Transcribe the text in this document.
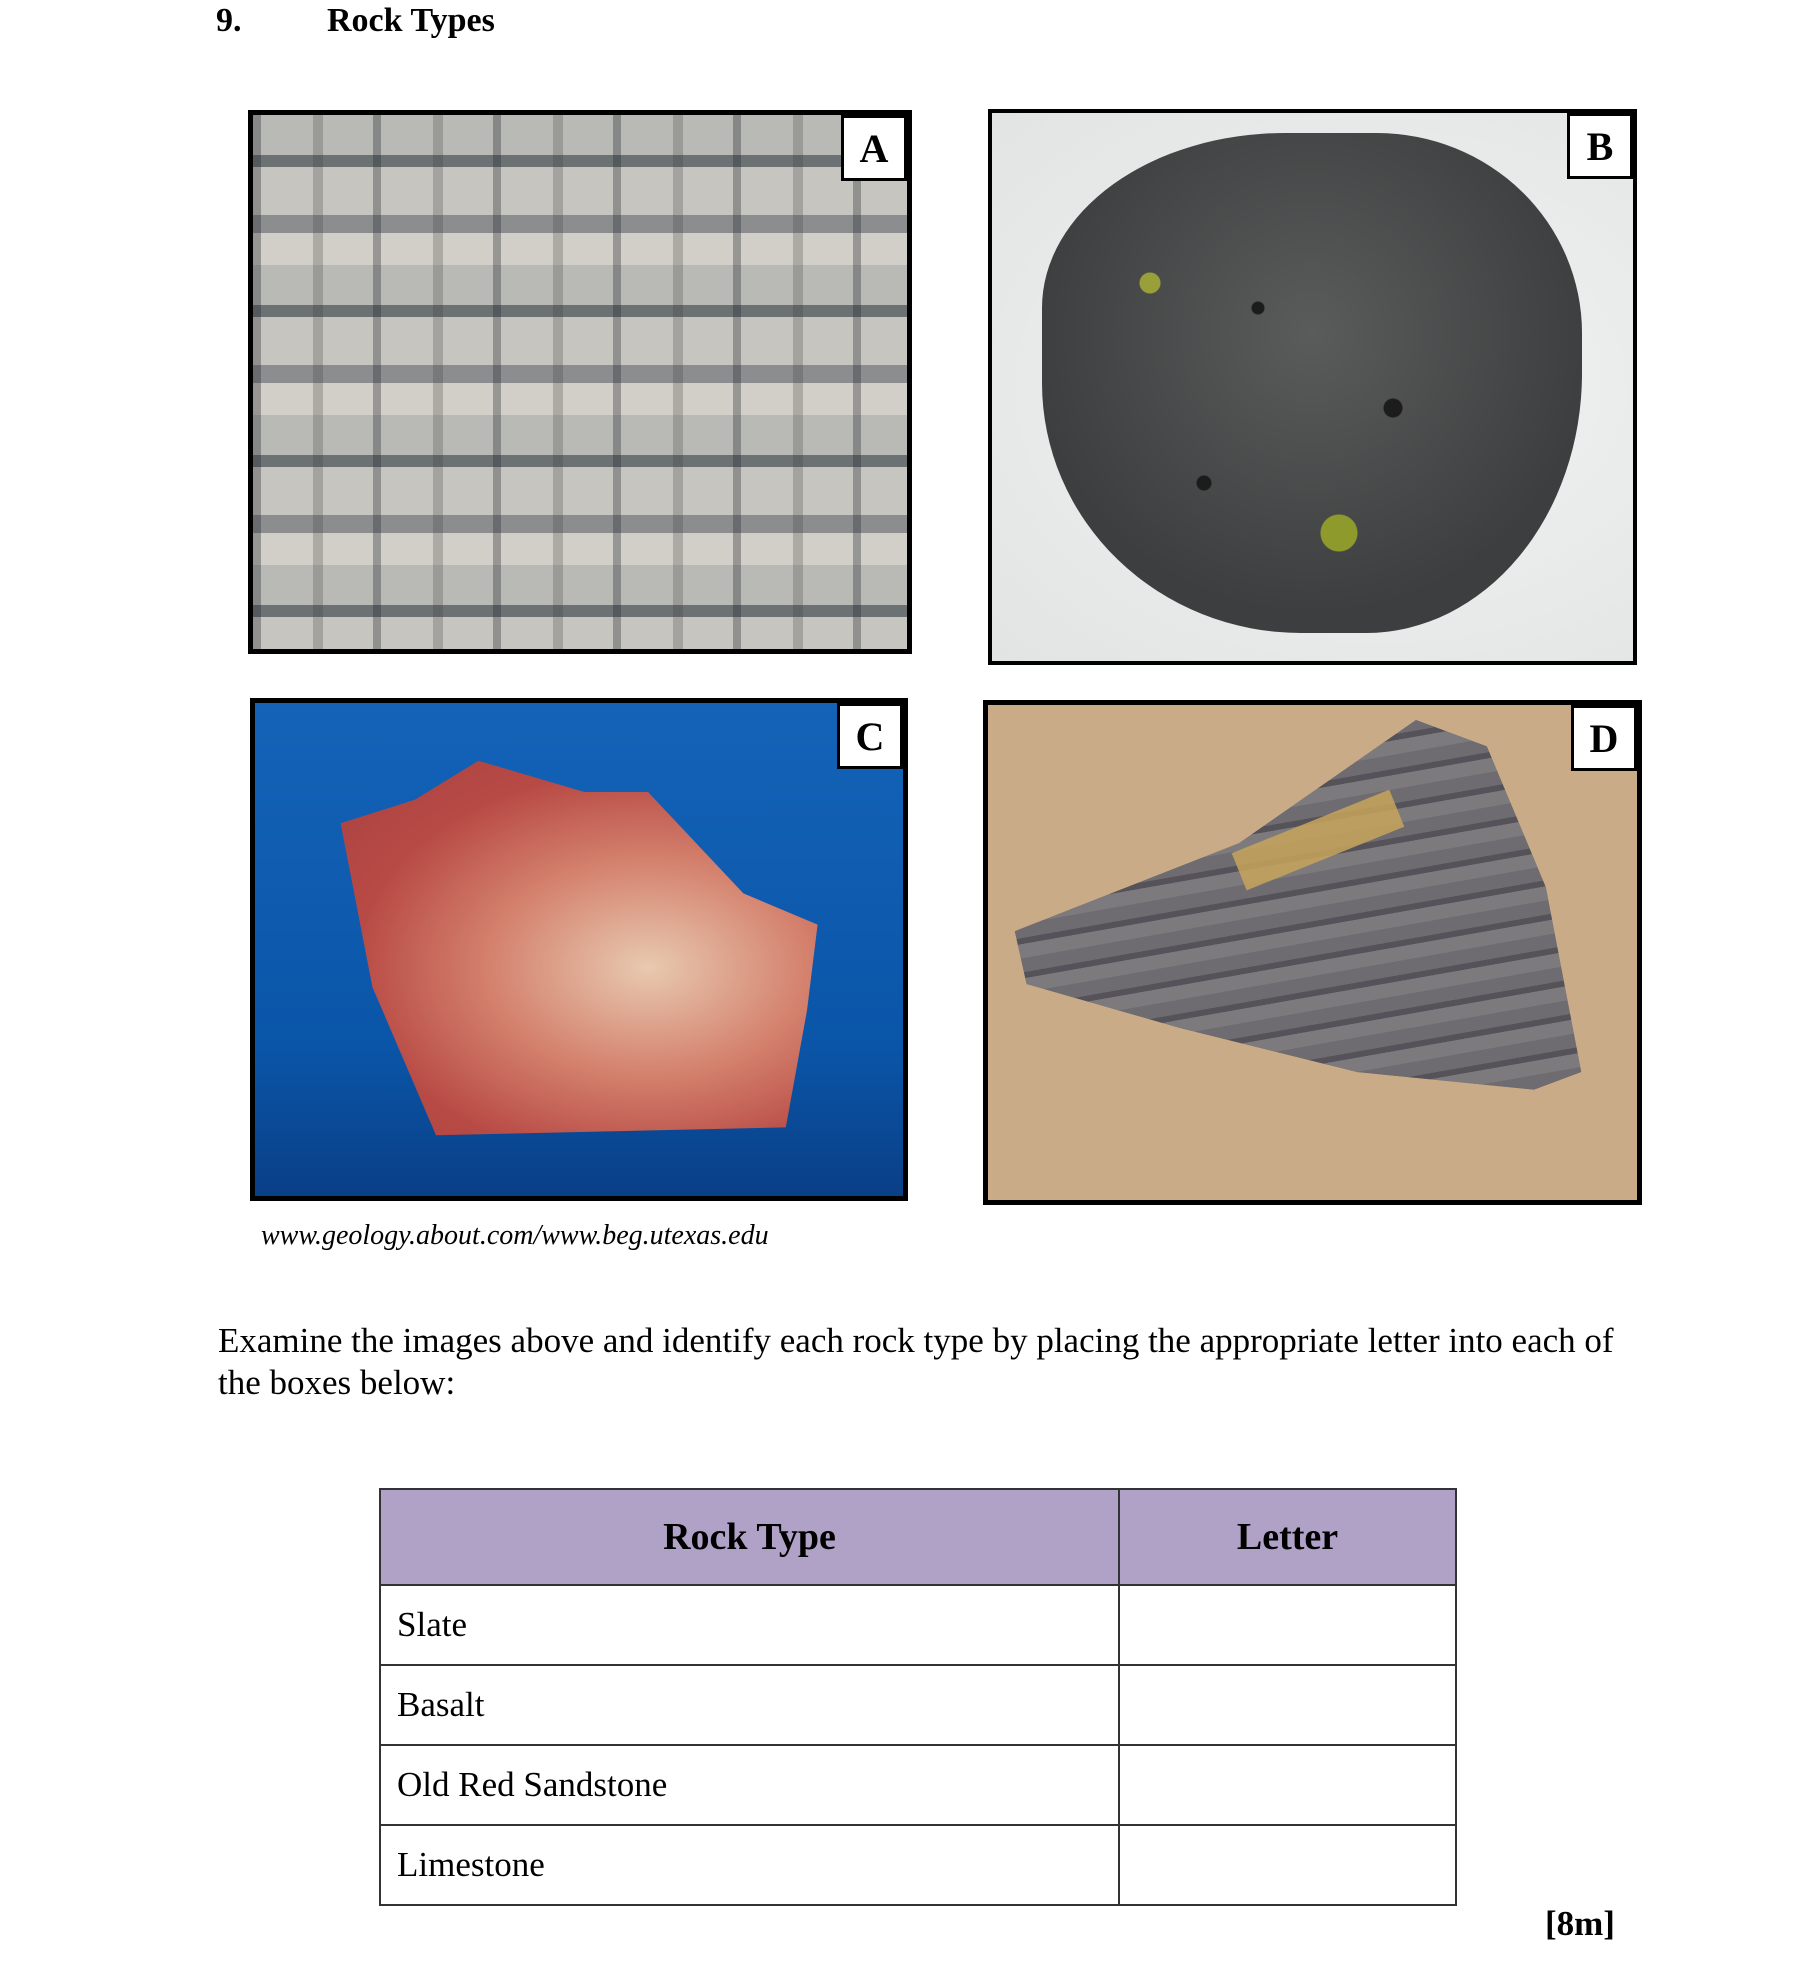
9.	Rock Types
A	B
C	D
www.geology.about.com/www.beg.utexas.edu
Examine the images above and identify each rock type by placing the appropriate letter into each of the boxes below:
Rock Type	Letter
Slate	
Basalt	
Old Red Sandstone	
Limestone	
[8m]
